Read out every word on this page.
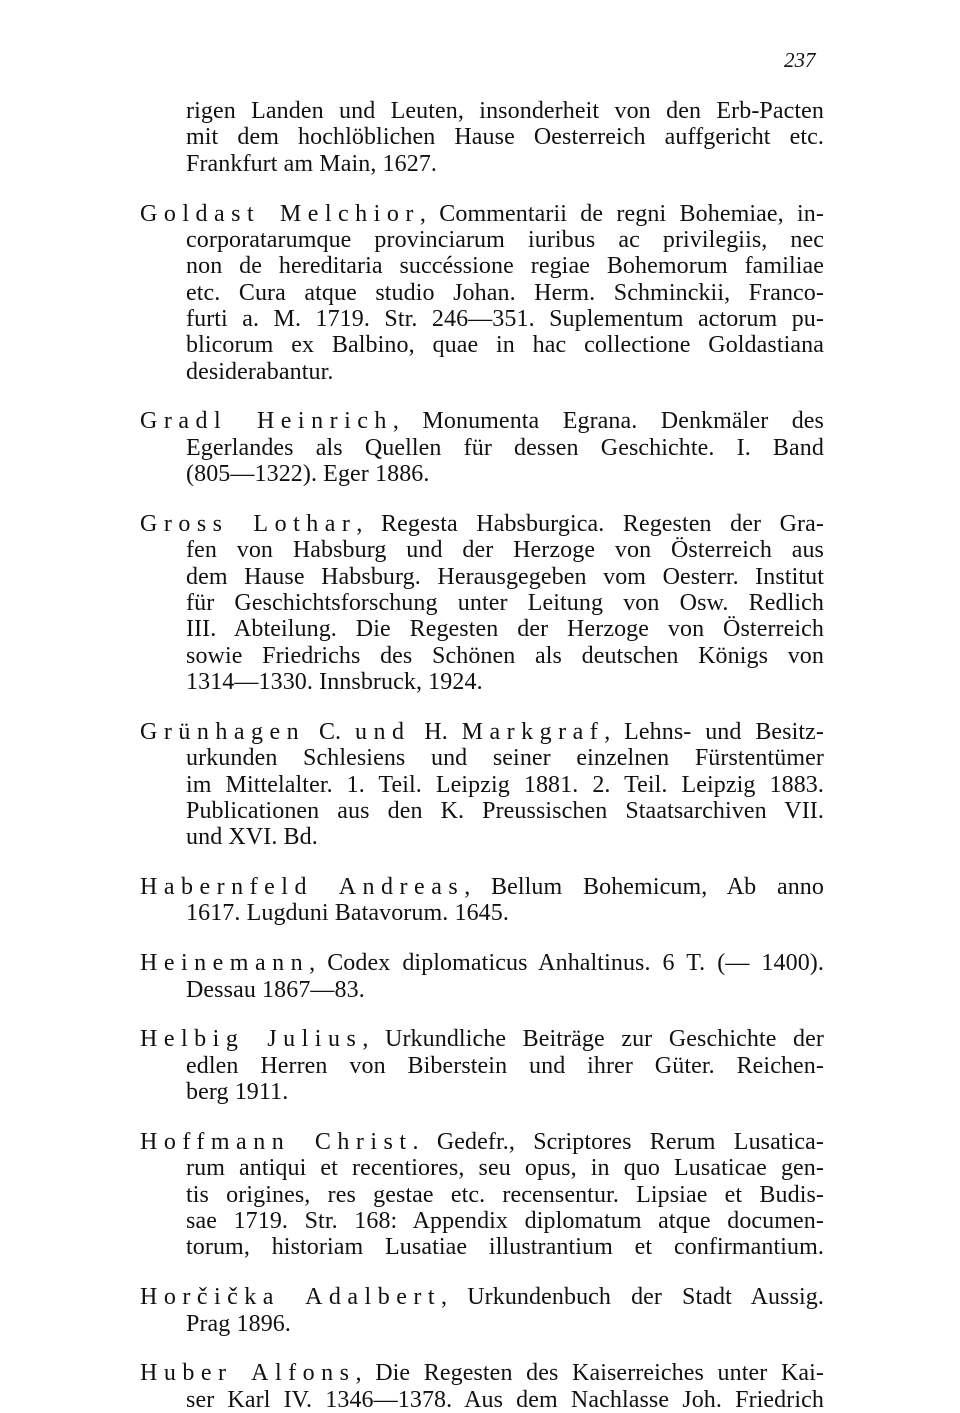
237
rigen Landen und Leuten, insonderheit von den Erb-Pacten
mit dem hochlöblichen Hause Oesterreich auffgericht etc.
Frankfurt am Main, 1627.
Goldast Melchior, Commentarii de regni Bohemiae, in-
corporatarumque provinciarum iuribus ac privilegiis, nec
non de hereditaria succéssione regiae Bohemorum familiae
etc. Cura atque studio Johan. Herm. Schminckii, Franco-
furti a. M. 1719. Str. 246—351. Suplementum actorum pu-
blicorum ex Balbino, quae in hac collectione Goldastiana
desiderabantur.
Gradl Heinrich, Monumenta Egrana. Denkmäler des
Egerlandes als Quellen für dessen Geschichte. I. Band
(805—1322). Eger 1886.
Gross Lothar, Regesta Habsburgica. Regesten der Gra-
fen von Habsburg und der Herzoge von Österreich aus
dem Hause Habsburg. Herausgegeben vom Oesterr. Institut
für Geschichtsforschung unter Leitung von Osw. Redlich
III. Abteilung. Die Regesten der Herzoge von Österreich
sowie Friedrichs des Schönen als deutschen Königs von
1314—1330. Innsbruck, 1924.
Grünhagen C. und H. Markgraf, Lehns- und Besitz-
urkunden Schlesiens und seiner einzelnen Fürstentümer
im Mittelalter. 1. Teil. Leipzig 1881. 2. Teil. Leipzig 1883.
Publicationen aus den K. Preussischen Staatsarchiven VII.
und XVI. Bd.
Habernfeld Andreas, Bellum Bohemicum, Ab anno
1617. Lugduni Batavorum. 1645.
Heinemann, Codex diplomaticus Anhaltinus. 6 T. (— 1400).
Dessau 1867—83.
Helbig Julius, Urkundliche Beiträge zur Geschichte der
edlen Herren von Biberstein und ihrer Güter. Reichen-
berg 1911.
Hoffmann Christ. Gedefr., Scriptores Rerum Lusatica-
rum antiqui et recentiores, seu opus, in quo Lusaticae gen-
tis origines, res gestae etc. recensentur. Lipsiae et Budis-
sae 1719. Str. 168: Appendix diplomatum atque documen-
torum, historiam Lusatiae illustrantium et confirmantium.
Horčička Adalbert, Urkundenbuch der Stadt Aussig.
Prag 1896.
Huber Alfons, Die Regesten des Kaiserreiches unter Kai-
ser Karl IV. 1346—1378. Aus dem Nachlasse Joh. Friedrich
